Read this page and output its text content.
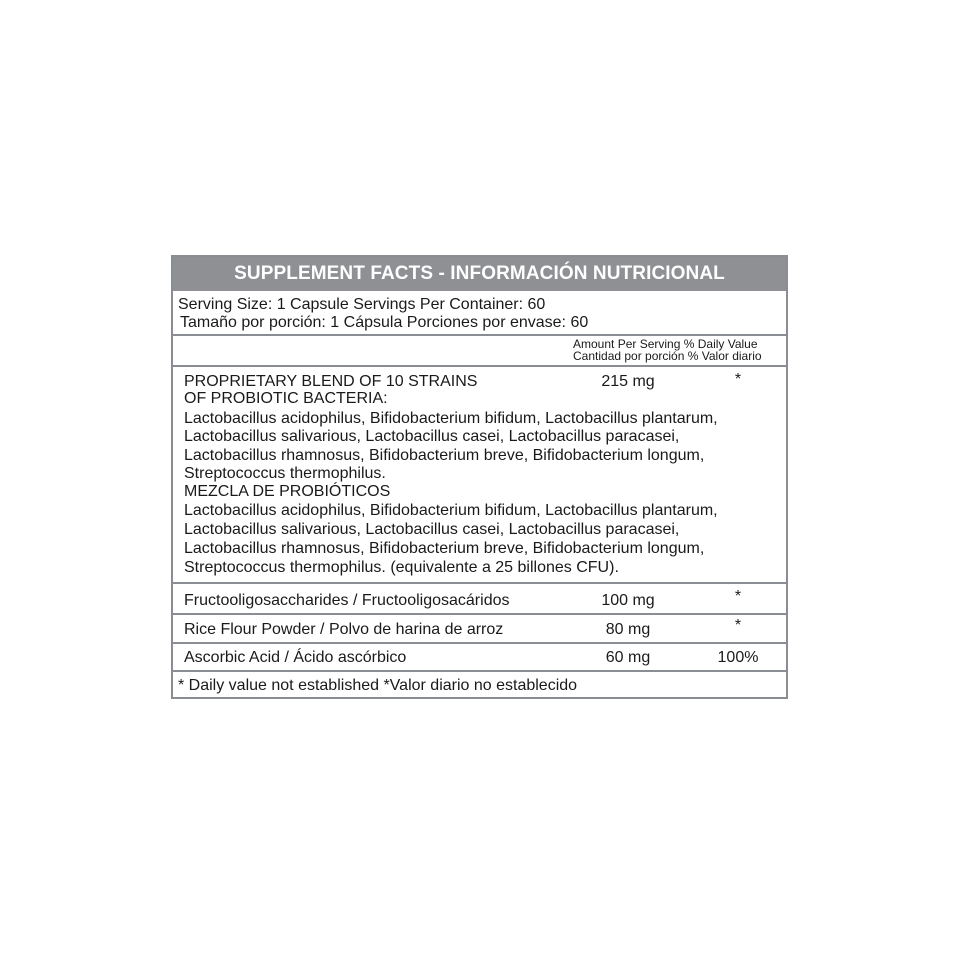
SUPPLEMENT FACTS - INFORMACIÓN NUTRICIONAL
Serving Size: 1 Capsule Servings Per Container: 60
Tamaño por porción: 1 Cápsula Porciones por envase: 60
Amount Per Serving % Daily Value
Cantidad por porción % Valor diario
PROPRIETARY BLEND OF 10 STRAINS	215 mg	*
OF PROBIOTIC BACTERIA:
Lactobacillus acidophilus, Bifidobacterium bifidum, Lactobacillus plantarum,
Lactobacillus salivarious, Lactobacillus casei, Lactobacillus paracasei,
Lactobacillus rhamnosus, Bifidobacterium breve, Bifidobacterium longum,
Streptococcus thermophilus.
MEZCLA DE PROBIÓTICOS
Lactobacillus acidophilus, Bifidobacterium bifidum, Lactobacillus plantarum,
Lactobacillus salivarious, Lactobacillus casei, Lactobacillus paracasei,
Lactobacillus rhamnosus, Bifidobacterium breve, Bifidobacterium longum,
Streptococcus thermophilus. (equivalente a 25 billones CFU).
Fructooligosaccharides / Fructooligosacáridos	100 mg	*
Rice Flour Powder / Polvo de harina de arroz	80 mg	*
Ascorbic Acid / Ácido ascórbico	60 mg	100%
* Daily value not established *Valor diario no establecido
